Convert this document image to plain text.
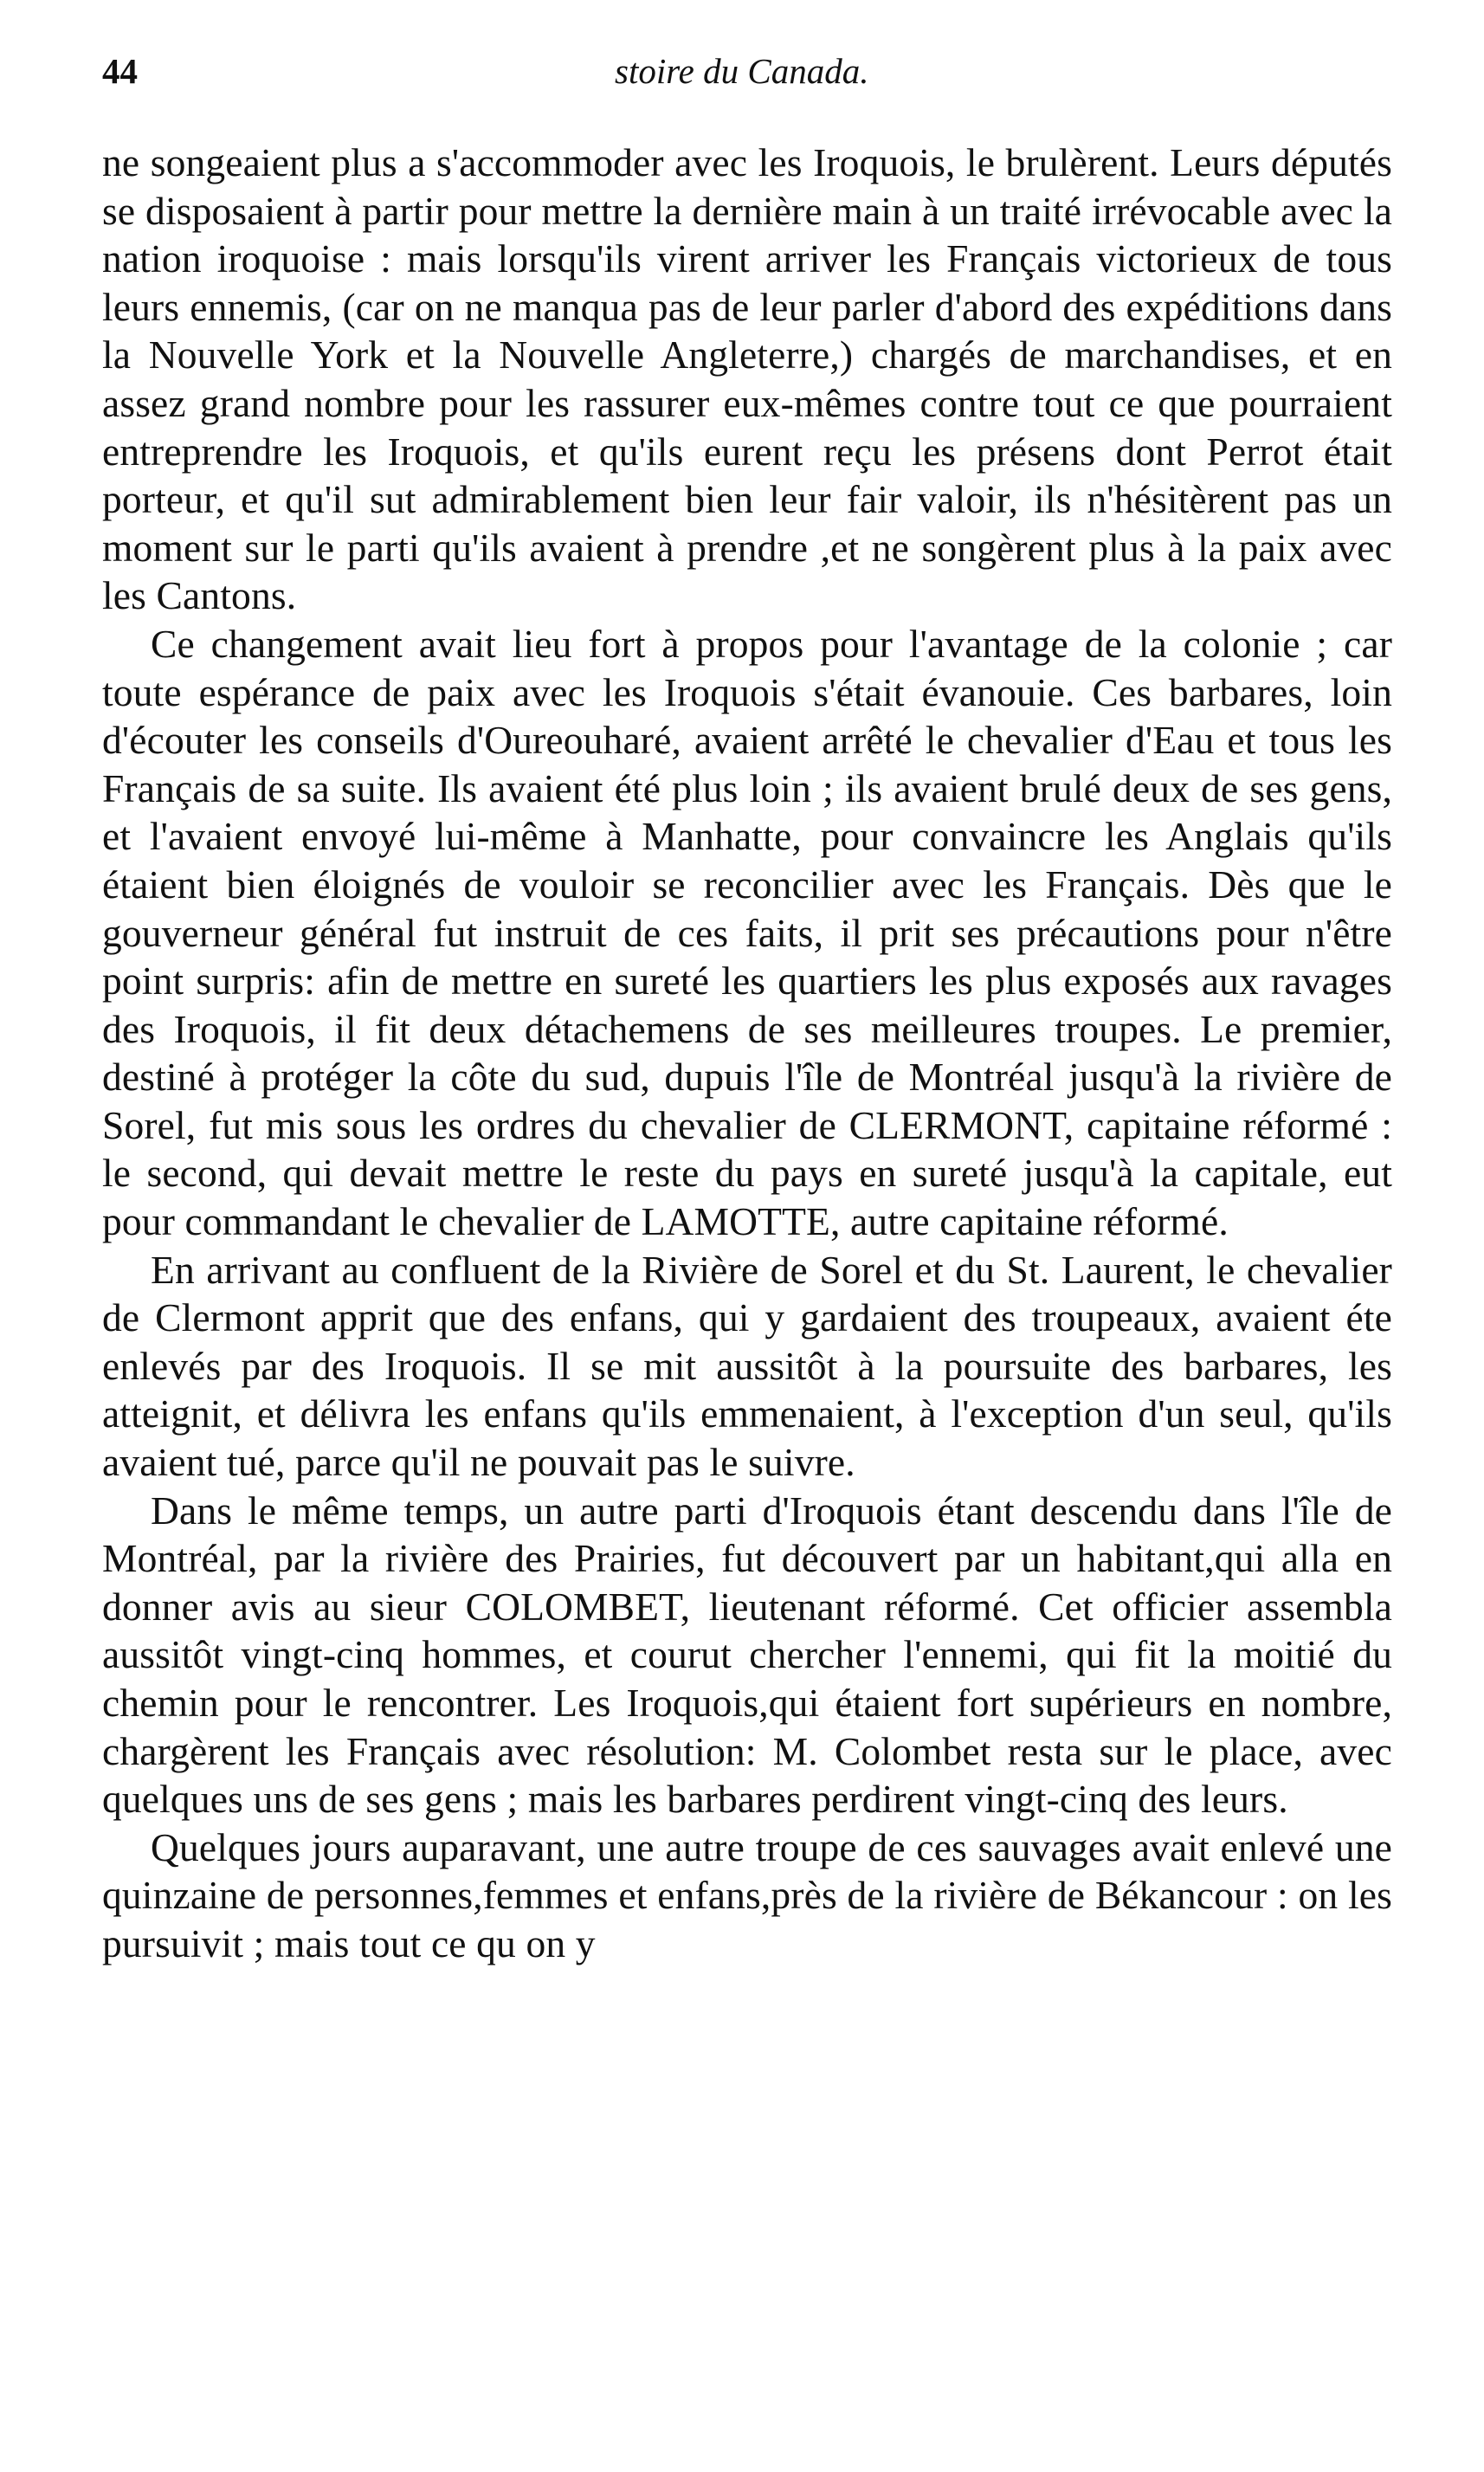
44	stoire du Canada.

ne songeaient plus a s'accommoder avec les Iroquois, le brulèrent. Leurs députés se disposaient à partir pour mettre la dernière main à un traité irrévocable avec la nation iroquoise : mais lorsqu'ils virent arriver les Français victorieux de tous leurs ennemis, (car on ne manqua pas de leur parler d'abord des expéditions dans la Nouvelle York et la Nouvelle Angleterre,) chargés de marchandises, et en assez grand nombre pour les rassurer eux-mêmes contre tout ce que pourraient entreprendre les Iroquois, et qu'ils eurent reçu les présens dont Perrot était porteur, et qu'il sut admirablement bien leur fair valoir, ils n'hésitèrent pas un moment sur le parti qu'ils avaient à prendre ,et ne songèrent plus à la paix avec les Cantons.

Ce changement avait lieu fort à propos pour l'avantage de la colonie ; car toute espérance de paix avec les Iroquois s'était évanouie. Ces barbares, loin d'écouter les conseils d'Oureouharé, avaient arrêté le chevalier d'Eau et tous les Français de sa suite. Ils avaient été plus loin ; ils avaient brulé deux de ses gens, et l'avaient envoyé lui-même à Manhatte, pour convaincre les Anglais qu'ils étaient bien éloignés de vouloir se reconcilier avec les Français. Dès que le gouverneur général fut instruit de ces faits, il prit ses précautions pour n'être point surpris: afin de mettre en sureté les quartiers les plus exposés aux ravages des Iroquois, il fit deux détachemens de ses meilleures troupes. Le premier, destiné à protéger la côte du sud, dupuis l'île de Montréal jusqu'à la rivière de Sorel, fut mis sous les ordres du chevalier de CLERMONT, capitaine réformé : le second, qui devait mettre le reste du pays en sureté jusqu'à la capitale, eut pour commandant le chevalier de LAMOTTE, autre capitaine réformé.

En arrivant au confluent de la Rivière de Sorel et du St. Laurent, le chevalier de Clermont apprit que des enfans, qui y gardaient des troupeaux, avaient éte enlevés par des Iroquois. Il se mit aussitôt à la poursuite des barbares, les atteignit, et délivra les enfans qu'ils emmenaient, à l'exception d'un seul, qu'ils avaient tué, parce qu'il ne pouvait pas le suivre.

Dans le même temps, un autre parti d'Iroquois étant descendu dans l'île de Montréal, par la rivière des Prairies, fut découvert par un habitant,qui alla en donner avis au sieur COLOMBET, lieutenant réformé. Cet officier assembla aussitôt vingt-cinq hommes, et courut chercher l'ennemi, qui fit la moitié du chemin pour le rencontrer. Les Iroquois,qui étaient fort supérieurs en nombre, chargèrent les Français avec résolution: M. Colombet resta sur le place, avec quelques uns de ses gens ; mais les barbares perdirent vingt-cinq des leurs.

Quelques jours auparavant, une autre troupe de ces sauvages avait enlevé une quinzaine de personnes,femmes et enfans,près de la rivière de Békancour : on les pursuivit ; mais tout ce qu on y
